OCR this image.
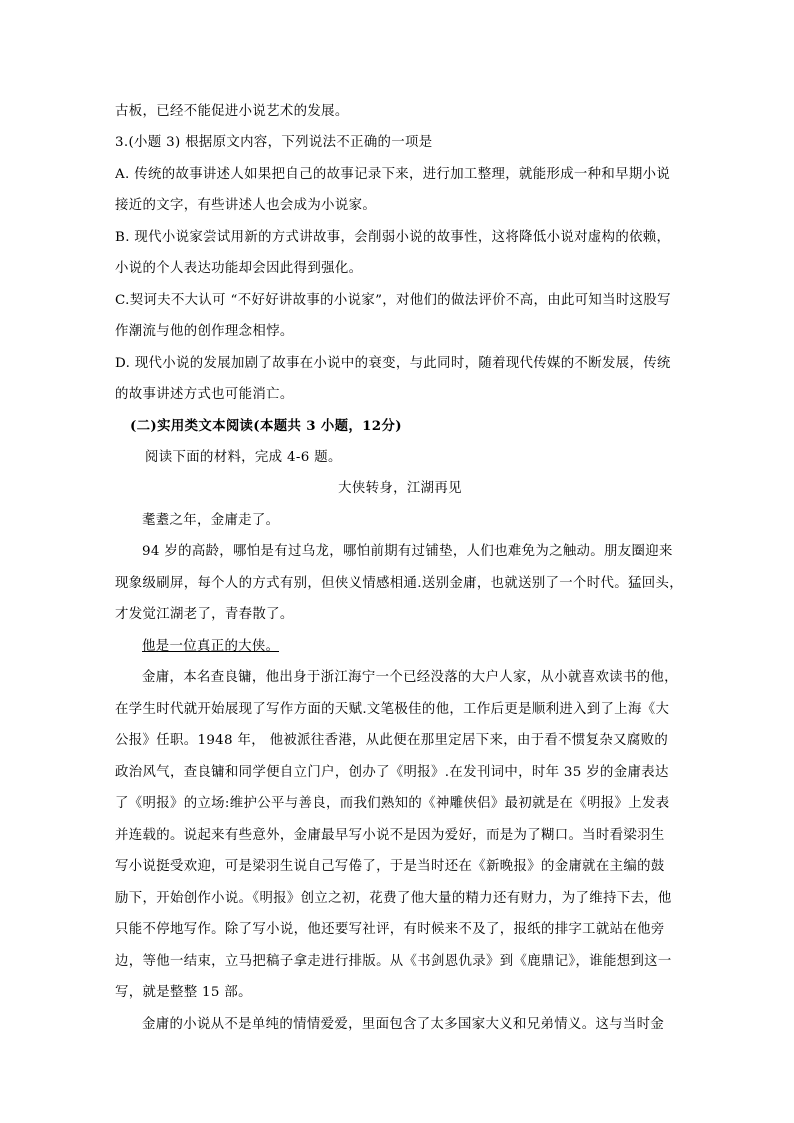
古板，已经不能促进小说艺术的发展。
3.(小题 3) 根据原文内容，下列说法不正确的一项是
A. 传统的故事讲述人如果把自己的故事记录下来，进行加工整理，就能形成一种和早期小说
接近的文字，有些讲述人也会成为小说家。
B. 现代小说家尝试用新的方式讲故事，会削弱小说的故事性，这将降低小说对虚构的依赖，
小说的个人表达功能却会因此得到强化。
C.契诃夫不大认可 “不好好讲故事的小说家”，对他们的做法评价不高，由此可知当时这股写
作潮流与他的创作理念相悖。
D. 现代小说的发展加剧了故事在小说中的衰变，与此同时，随着现代传媒的不断发展，传统
的故事讲述方式也可能消亡。
(二)实用类文本阅读(本题共 3 小题，12分)
阅读下面的材料，完成 4-6 题。
大侠转身，江湖再见
耄耋之年，金庸走了。
94 岁的高龄，哪怕是有过乌龙，哪怕前期有过铺垫，人们也难免为之触动。朋友圈迎来
现象级刷屏，每个人的方式有别，但侠义情感相通.送别金庸，也就送别了一个时代。猛回头，
才发觉江湖老了，青春散了。
他是一位真正的大侠。
金庸，本名查良镛，他出身于浙江海宁一个已经没落的大户人家，从小就喜欢读书的他，
在学生时代就开始展现了写作方面的天赋.文笔极佳的他，工作后更是顺利进入到了上海《大
公报》任职。1948 年， 他被派往香港，从此便在那里定居下来，由于看不惯复杂又腐败的
政治风气，查良镛和同学便自立门户，创办了《明报》.在发刊词中，时年 35 岁的金庸表达
了《明报》的立场:维护公平与善良，而我们熟知的《神雕侠侣》最初就是在《明报》上发表
并连载的。说起来有些意外，金庸最早写小说不是因为爱好，而是为了糊口。当时看梁羽生
写小说挺受欢迎，可是梁羽生说自己写倦了，于是当时还在《新晚报》的金庸就在主编的鼓
励下，开始创作小说。《明报》创立之初，花费了他大量的精力还有财力，为了维持下去，他
只能不停地写作。除了写小说，他还要写社评，有时候来不及了，报纸的排字工就站在他旁
边，等他一结束，立马把稿子拿走进行排版。从《书剑恩仇录》到《鹿鼎记》，谁能想到这一
写，就是整整 15 部。
金庸的小说从不是单纯的情情爱爱，里面包含了太多国家大义和兄弟情义。这与当时金
